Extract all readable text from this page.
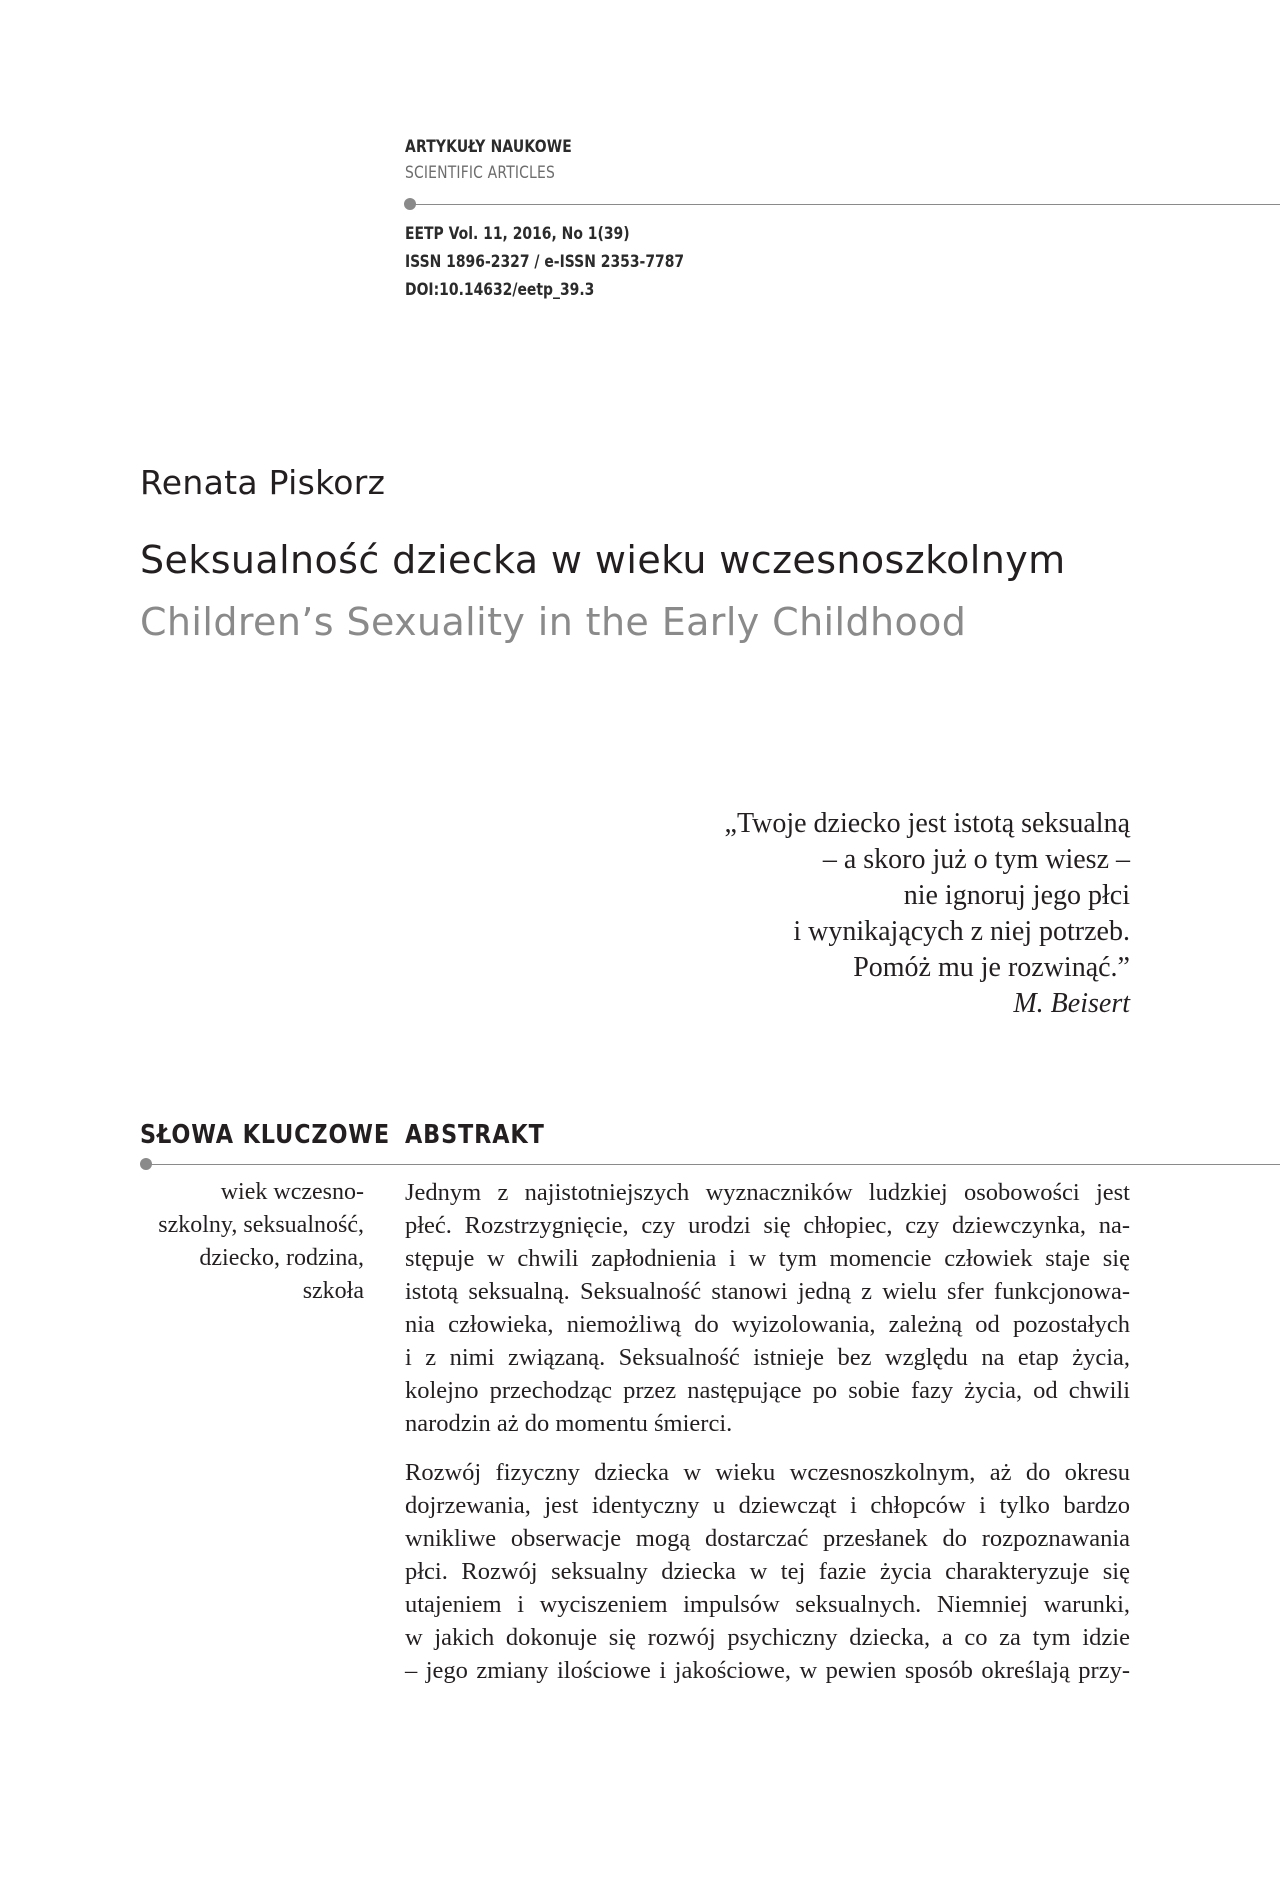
ARTYKUŁY NAUKOWE
SCIENTIFIC ARTICLES
EETP Vol. 11, 2016, No 1(39)
ISSN 1896-2327 / e-ISSN 2353-7787
DOI:10.14632/eetp_39.3
Renata Piskorz
Seksualność dziecka w wieku wczesnoszkolnym
Children’s Sexuality in the Early Childhood
„Twoje dziecko jest istotą seksualną
– a skoro już o tym wiesz –
nie ignoruj jego płci
i wynikających z niej potrzeb.
Pomóż mu je rozwinąć.”
M. Beisert
SŁOWA KLUCZOWE ABSTRAKT
wiek wczesno-
szkolny, seksualność,
dziecko, rodzina,
szkoła

Jednym z najistotniejszych wyznaczników ludzkiej osobowości jest
płeć. Rozstrzygnięcie, czy urodzi się chłopiec, czy dziewczynka, na-
stępuje w chwili zapłodnienia i w tym momencie człowiek staje się
istotą seksualną. Seksualność stanowi jedną z wielu sfer funkcjonowa-
nia człowieka, niemożliwą do wyizolowania, zależną od pozostałych
i z nimi związaną. Seksualność istnieje bez względu na etap życia,
kolejno przechodząc przez następujące po sobie fazy życia, od chwili
narodzin aż do momentu śmierci.

Rozwój fizyczny dziecka w wieku wczesnoszkolnym, aż do okresu
dojrzewania, jest identyczny u dziewcząt i chłopców i tylko bardzo
wnikliwe obserwacje mogą dostarczać przesłanek do rozpoznawania
płci. Rozwój seksualny dziecka w tej fazie życia charakteryzuje się
utajeniem i wyciszeniem impulsów seksualnych. Niemniej warunki,
w jakich dokonuje się rozwój psychiczny dziecka, a co za tym idzie
– jego zmiany ilościowe i jakościowe, w pewien sposób określają przy-
